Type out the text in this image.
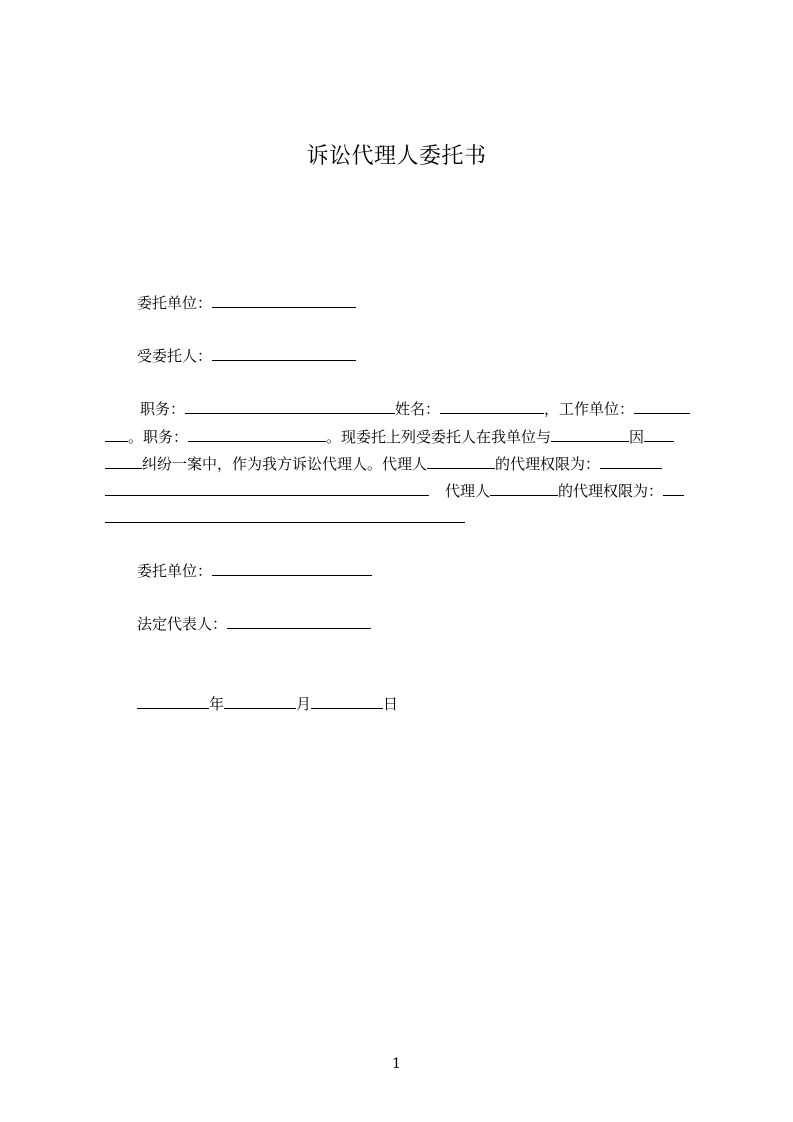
诉讼代理人委托书
委托单位：
受委托人：
职务：	姓名：	，工作单位：
。职务：	。现委托上列受委托人在我单位与	因
纠纷一案中，作为我方诉讼代理人。代理人	的代理权限为：
代理人	的代理权限为：
委托单位：
法定代表人：
年	月	日
1
